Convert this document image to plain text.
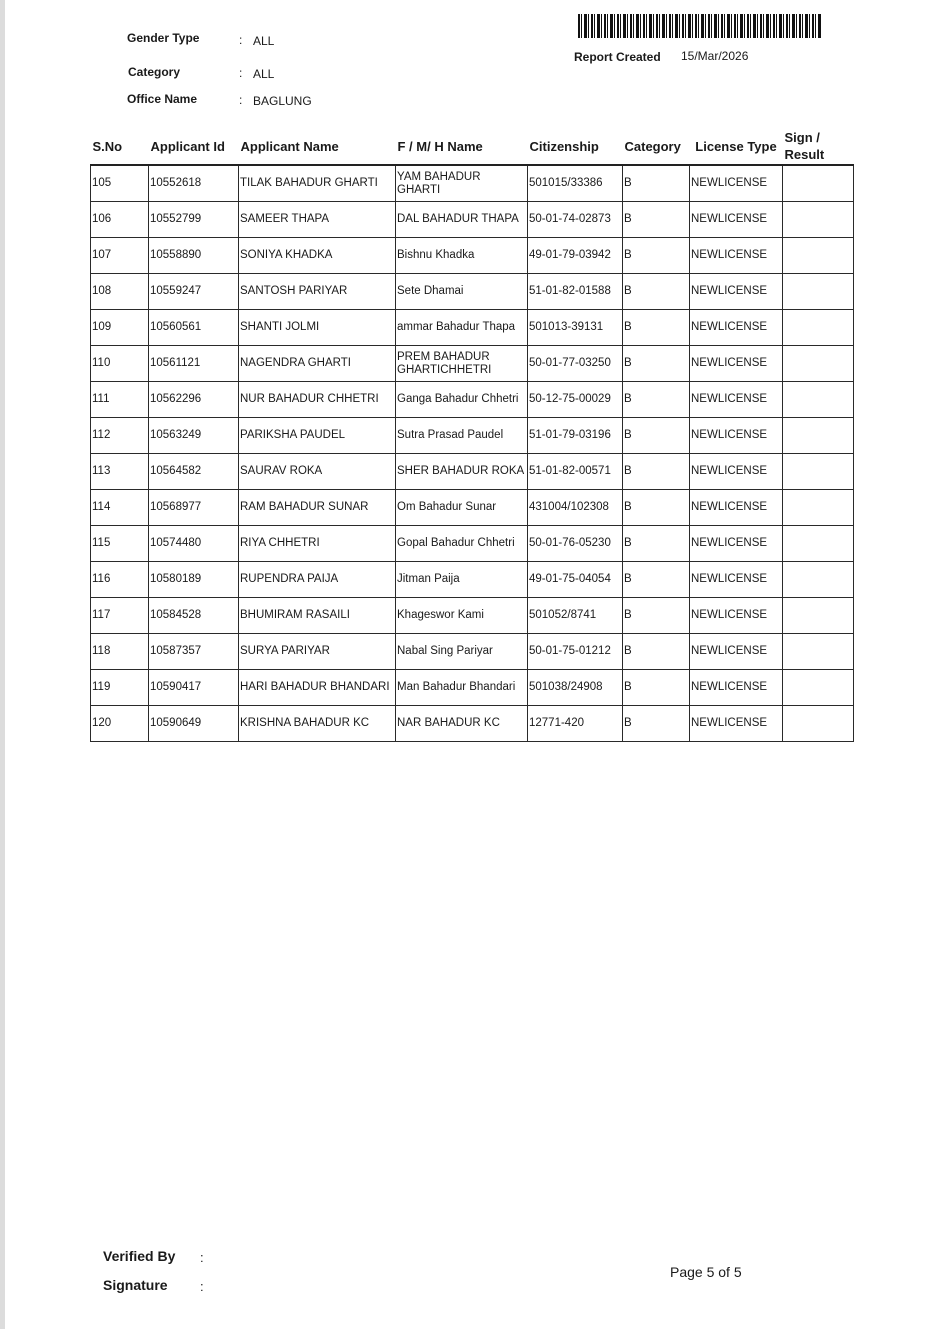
Gender Type	: ALL
Category	: ALL
Office Name	: BAGLUNG
Report Created 15/Mar/2026
S.No	Applicant Id	Applicant Name	F / M/ H Name	Citizenship	Category	License Type	Sign / Result
105	10552618	TILAK BAHADUR GHARTI	YAM BAHADUR GHARTI	501015/33386	B	NEWLICENSE	
106	10552799	SAMEER THAPA	DAL BAHADUR THAPA	50-01-74-02873	B	NEWLICENSE	
107	10558890	SONIYA KHADKA	Bishnu Khadka	49-01-79-03942	B	NEWLICENSE	
108	10559247	SANTOSH PARIYAR	Sete Dhamai	51-01-82-01588	B	NEWLICENSE	
109	10560561	SHANTI JOLMI	ammar Bahadur Thapa	501013-39131	B	NEWLICENSE	
110	10561121	NAGENDRA GHARTI	PREM BAHADUR GHARTICHHETRI	50-01-77-03250	B	NEWLICENSE	
111	10562296	NUR BAHADUR CHHETRI	Ganga Bahadur Chhetri	50-12-75-00029	B	NEWLICENSE	
112	10563249	PARIKSHA PAUDEL	Sutra Prasad Paudel	51-01-79-03196	B	NEWLICENSE	
113	10564582	SAURAV ROKA	SHER BAHADUR ROKA	51-01-82-00571	B	NEWLICENSE	
114	10568977	RAM BAHADUR SUNAR	Om Bahadur Sunar	431004/102308	B	NEWLICENSE	
115	10574480	RIYA CHHETRI	Gopal Bahadur Chhetri	50-01-76-05230	B	NEWLICENSE	
116	10580189	RUPENDRA PAIJA	Jitman Paija	49-01-75-04054	B	NEWLICENSE	
117	10584528	BHUMIRAM RASAILI	Khageswor Kami	501052/8741	B	NEWLICENSE	
118	10587357	SURYA PARIYAR	Nabal Sing Pariyar	50-01-75-01212	B	NEWLICENSE	
119	10590417	HARI BAHADUR BHANDARI	Man Bahadur Bhandari	501038/24908	B	NEWLICENSE	
120	10590649	KRISHNA BAHADUR KC	NAR BAHADUR KC	12771-420	B	NEWLICENSE	
Verified By :
Signature :
Page 5 of 5
